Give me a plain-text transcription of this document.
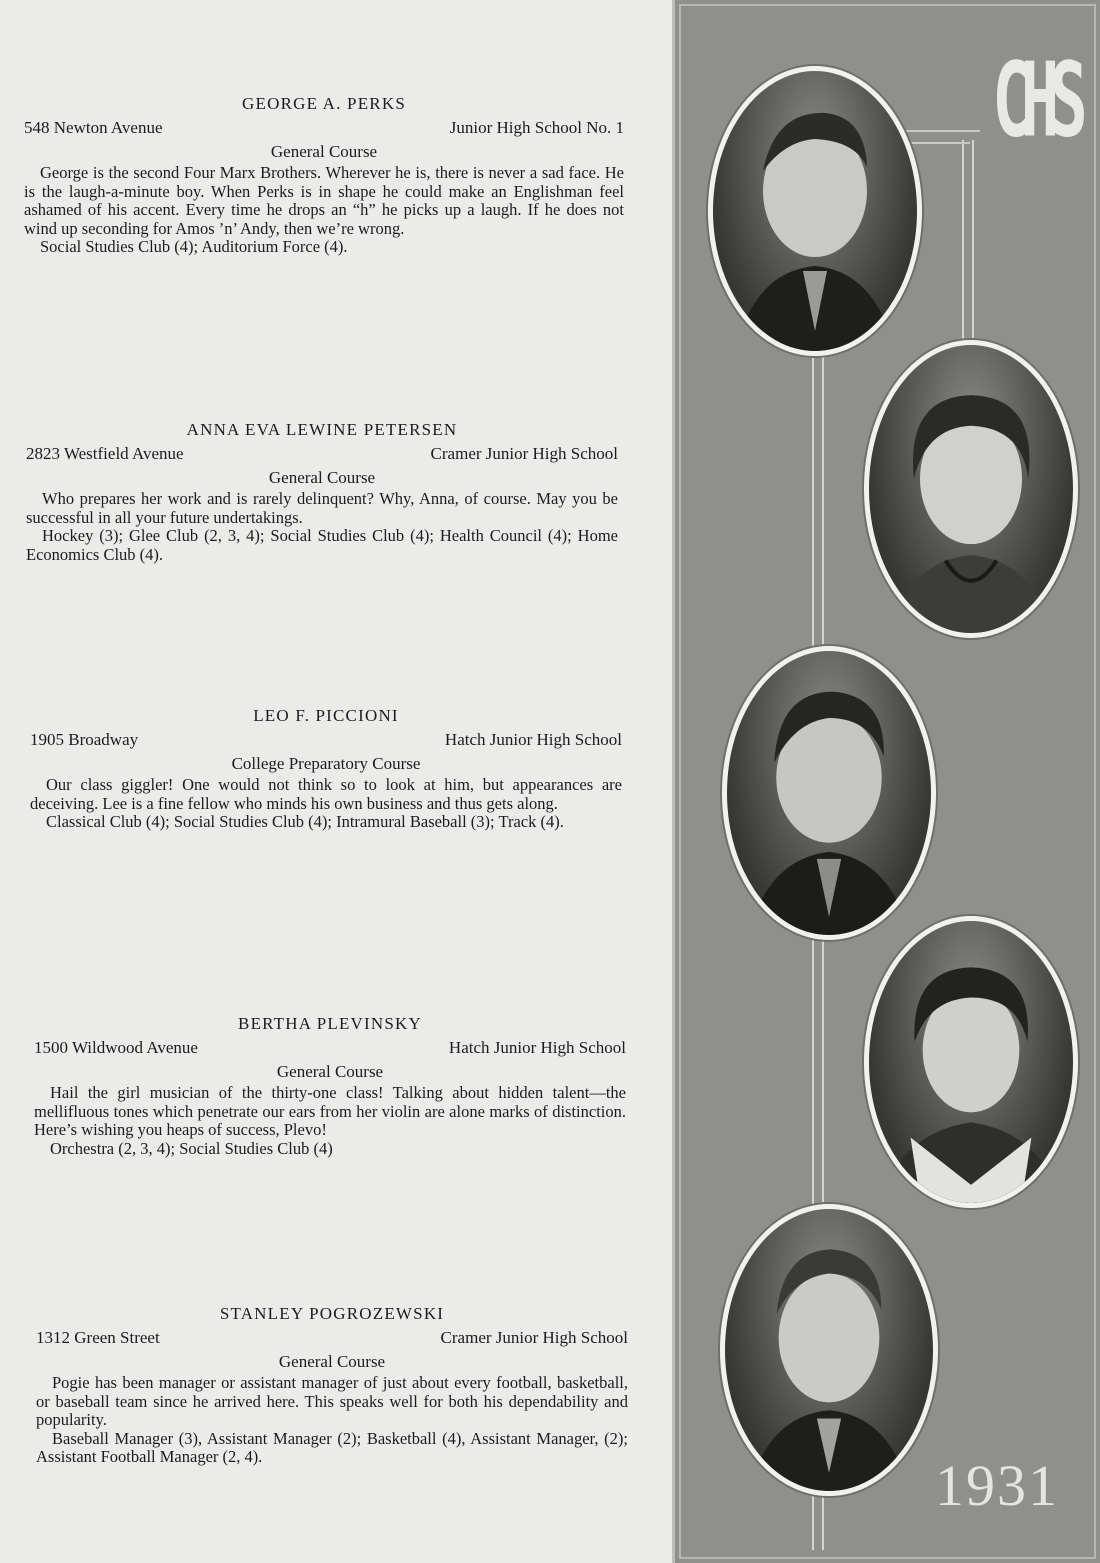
GEORGE A. PERKS
548 Newton Avenue	Junior High School No. 1
General Course

George is the second Four Marx Brothers. Wherever he is, there is never a sad face. He is the laugh-a-minute boy. When Perks is in shape he could make an Englishman feel ashamed of his accent. Every time he drops an “h” he picks up a laugh. If he does not wind up seconding for Amos ’n’ Andy, then we’re wrong.

Social Studies Club (4); Auditorium Force (4).

ANNA EVA LEWINE PETERSEN
2823 Westfield Avenue	Cramer Junior High School
General Course

Who prepares her work and is rarely delinquent? Why, Anna, of course. May you be successful in all your future undertakings.

Hockey (3); Glee Club (2, 3, 4); Social Studies Club (4); Health Council (4); Home Economics Club (4).

LEO F. PICCIONI
1905 Broadway	Hatch Junior High School
College Preparatory Course

Our class giggler! One would not think so to look at him, but appearances are deceiving. Lee is a fine fellow who minds his own business and thus gets along.

Classical Club (4); Social Studies Club (4); Intramural Baseball (3); Track (4).

BERTHA PLEVINSKY
1500 Wildwood Avenue	Hatch Junior High School
General Course

Hail the girl musician of the thirty-one class! Talking about hidden talent—the mellifluous tones which penetrate our ears from her violin are alone marks of distinction. Here’s wishing you heaps of success, Plevo!

Orchestra (2, 3, 4); Social Studies Club (4)

STANLEY POGROZEWSKI
1312 Green Street	Cramer Junior High School
General Course

Pogie has been manager or assistant manager of just about every football, basketball, or baseball team since he arrived here. This speaks well for both his dependability and popularity.

Baseball Manager (3), Assistant Manager (2); Basketball (4), Assistant Manager, (2); Assistant Football Manager (2, 4).

CHS
1931
